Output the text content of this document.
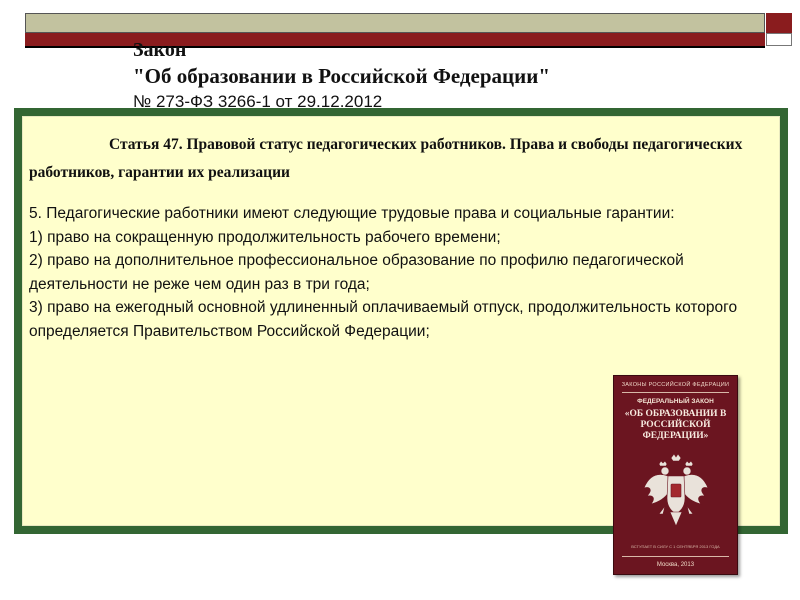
Закон
"Об образовании в Российской Федерации"
№ 273-ФЗ 3266-1 от 29.12.2012

Статья 47. Правовой статус педагогических работников. Права и свободы педагогических работников, гарантии их реализации

5. Педагогические работники имеют следующие трудовые права и социальные гарантии:

1) право на сокращенную продолжительность рабочего времени;

2) право на дополнительное профессиональное образование по профилю педагогической деятельности не реже чем один раз в три года;

3) право на ежегодный основной удлиненный оплачиваемый отпуск, продолжительность которого определяется Правительством Российской Федерации;

ЗАКОНЫ РОССИЙСКОЙ ФЕДЕРАЦИИ
ФЕДЕРАЛЬНЫЙ ЗАКОН
«ОБ ОБРАЗОВАНИИ В РОССИЙСКОЙ ФЕДЕРАЦИИ»
ВСТУПАЕТ В СИЛУ С 1 СЕНТЯБРЯ 2013 ГОДА
Москва, 2013
